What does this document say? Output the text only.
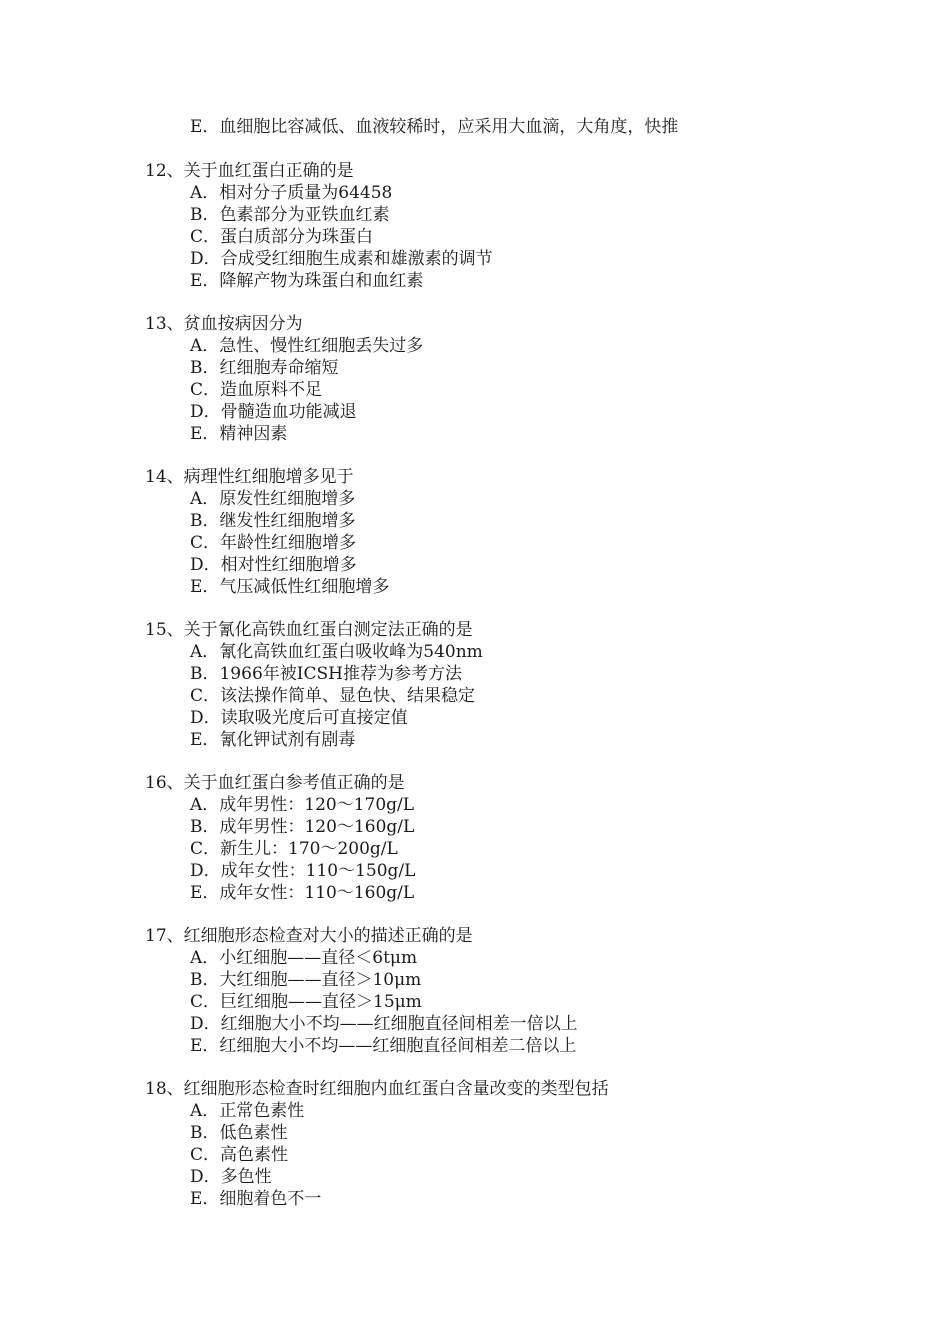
E．血细胞比容减低、血液较稀时，应采用大血滴，大角度，快推
12、关于血红蛋白正确的是
A．相对分子质量为64458
B．色素部分为亚铁血红素
C．蛋白质部分为珠蛋白
D．合成受红细胞生成素和雄激素的调节
E．降解产物为珠蛋白和血红素
13、贫血按病因分为
A．急性、慢性红细胞丢失过多
B．红细胞寿命缩短
C．造血原料不足
D．骨髓造血功能减退
E．精神因素
14、病理性红细胞增多见于
A．原发性红细胞增多
B．继发性红细胞增多
C．年龄性红细胞增多
D．相对性红细胞增多
E．气压减低性红细胞增多
15、关于氰化高铁血红蛋白测定法正确的是
A．氰化高铁血红蛋白吸收峰为540nm
B．1966年被ICSH推荐为参考方法
C．该法操作简单、显色快、结果稳定
D．读取吸光度后可直接定值
E．氰化钾试剂有剧毒
16、关于血红蛋白参考值正确的是
A．成年男性：120～170g/L
B．成年男性：120～160g/L
C．新生儿：170～200g/L
D．成年女性：110～150g/L
E．成年女性：110～160g/L
17、红细胞形态检查对大小的描述正确的是
A．小红细胞——直径＜6tμm
B．大红细胞——直径＞10μm
C．巨红细胞——直径＞15μm
D．红细胞大小不均——红细胞直径间相差一倍以上
E．红细胞大小不均——红细胞直径间相差二倍以上
18、红细胞形态检查时红细胞内血红蛋白含量改变的类型包括
A．正常色素性
B．低色素性
C．高色素性
D．多色性
E．细胞着色不一
